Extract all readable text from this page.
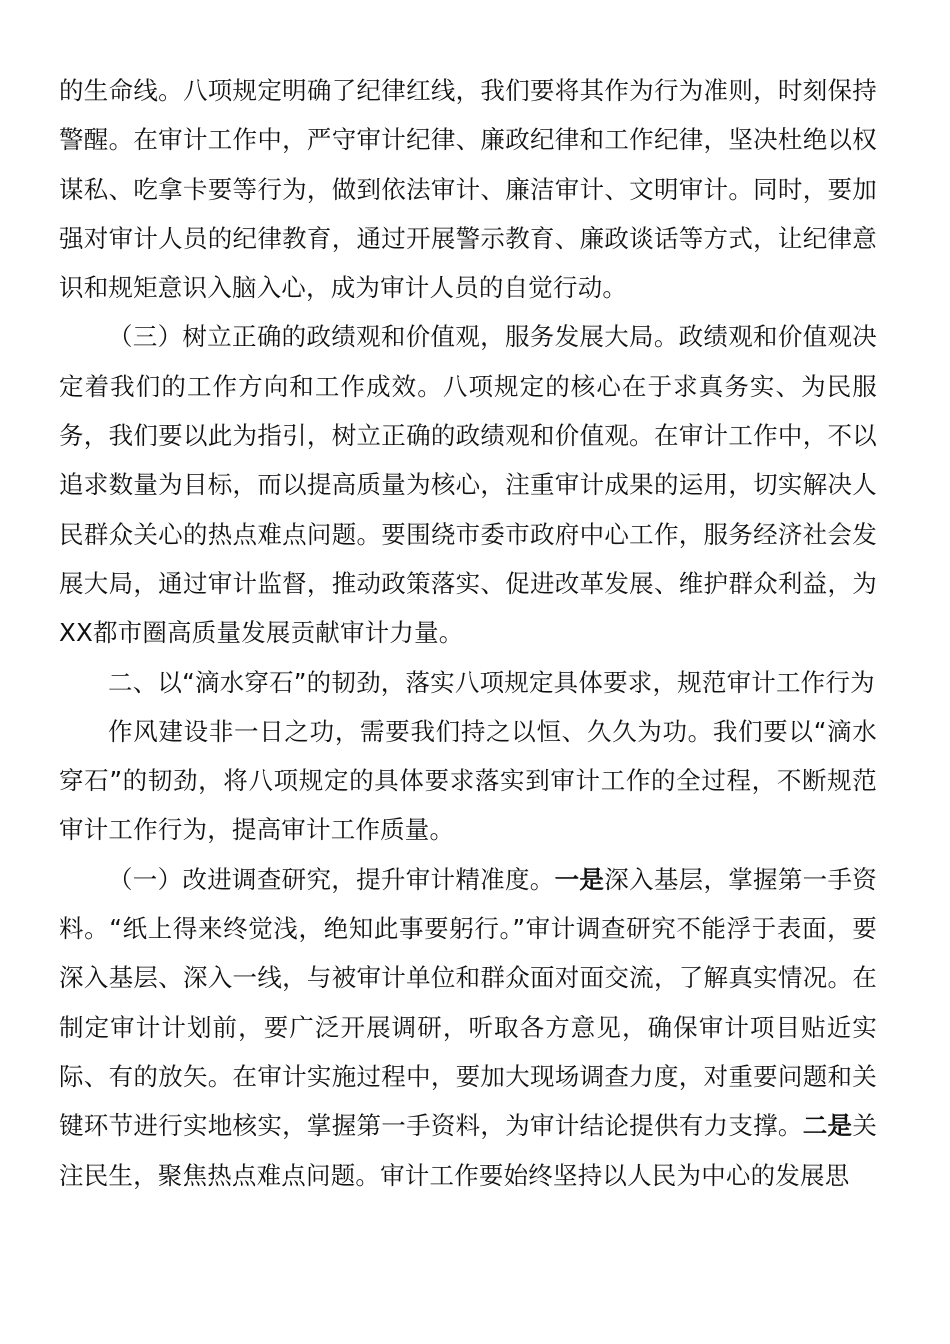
的生命线。八项规定明确了纪律红线，我们要将其作为行为准则，时刻保持警醒。在审计工作中，严守审计纪律、廉政纪律和工作纪律，坚决杜绝以权谋私、吃拿卡要等行为，做到依法审计、廉洁审计、文明审计。同时，要加强对审计人员的纪律教育，通过开展警示教育、廉政谈话等方式，让纪律意识和规矩意识入脑入心，成为审计人员的自觉行动。

（三）树立正确的政绩观和价值观，服务发展大局。政绩观和价值观决定着我们的工作方向和工作成效。八项规定的核心在于求真务实、为民服务，我们要以此为指引，树立正确的政绩观和价值观。在审计工作中，不以追求数量为目标，而以提高质量为核心，注重审计成果的运用，切实解决人民群众关心的热点难点问题。要围绕市委市政府中心工作，服务经济社会发展大局，通过审计监督，推动政策落实、促进改革发展、维护群众利益，为XX都市圈高质量发展贡献审计力量。

二、以“滴水穿石”的韧劲，落实八项规定具体要求，规范审计工作行为

作风建设非一日之功，需要我们持之以恒、久久为功。我们要以“滴水穿石”的韧劲，将八项规定的具体要求落实到审计工作的全过程，不断规范审计工作行为，提高审计工作质量。

（一）改进调查研究，提升审计精准度。一是深入基层，掌握第一手资料。“纸上得来终觉浅，绝知此事要躬行。”审计调查研究不能浮于表面，要深入基层、深入一线，与被审计单位和群众面对面交流，了解真实情况。在制定审计计划前，要广泛开展调研，听取各方意见，确保审计项目贴近实际、有的放矢。在审计实施过程中，要加大现场调查力度，对重要问题和关键环节进行实地核实，掌握第一手资料，为审计结论提供有力支撑。二是关注民生，聚焦热点难点问题。审计工作要始终坚持以人民为中心的发展思
